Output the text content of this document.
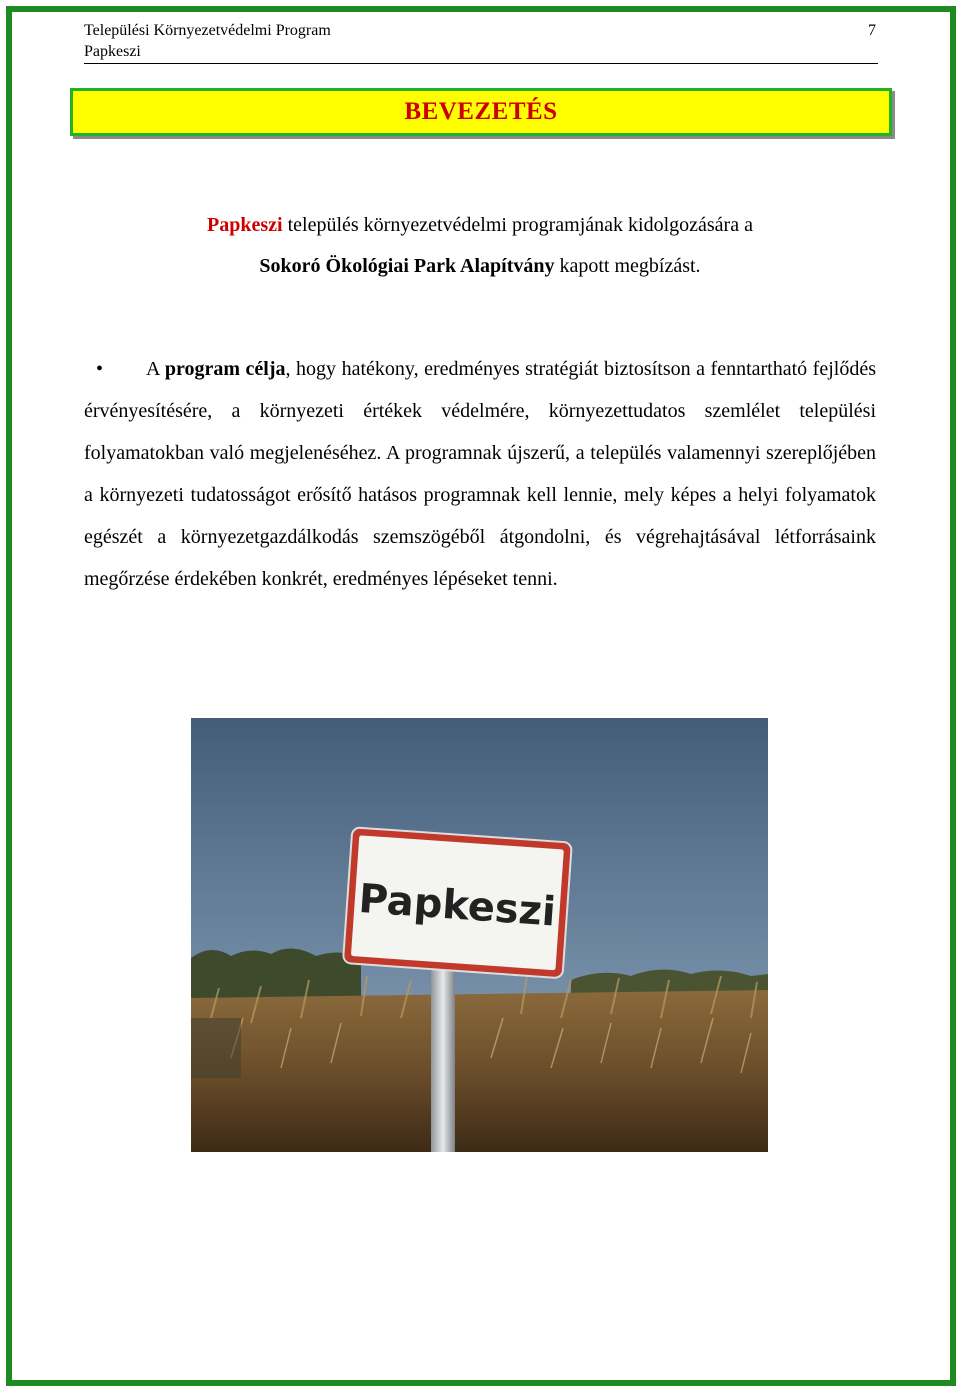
Települési Környezetvédelmi Program
Papkeszi
7
BEVEZETÉS
Papkeszi település környezetvédelmi programjának kidolgozására a
Sokoró Ökológiai Park Alapítvány kapott megbízást.
• A program célja, hogy hatékony, eredményes stratégiát biztosítson a fenntartható fejlődés érvényesítésére, a környezeti értékek védelmére, környezettudatos szemlélet települési folyamatokban való megjelenéséhez. A programnak újszerű, a település valamennyi szereplőjében a környezeti tudatosságot erősítő hatásos programnak kell lennie, mely képes a helyi folyamatok egészét a környezetgazdálkodás szemszögéből átgondolni, és végrehajtásával létforrásaink megőrzése érdekében konkrét, eredményes lépéseket tenni.
Papkeszi
